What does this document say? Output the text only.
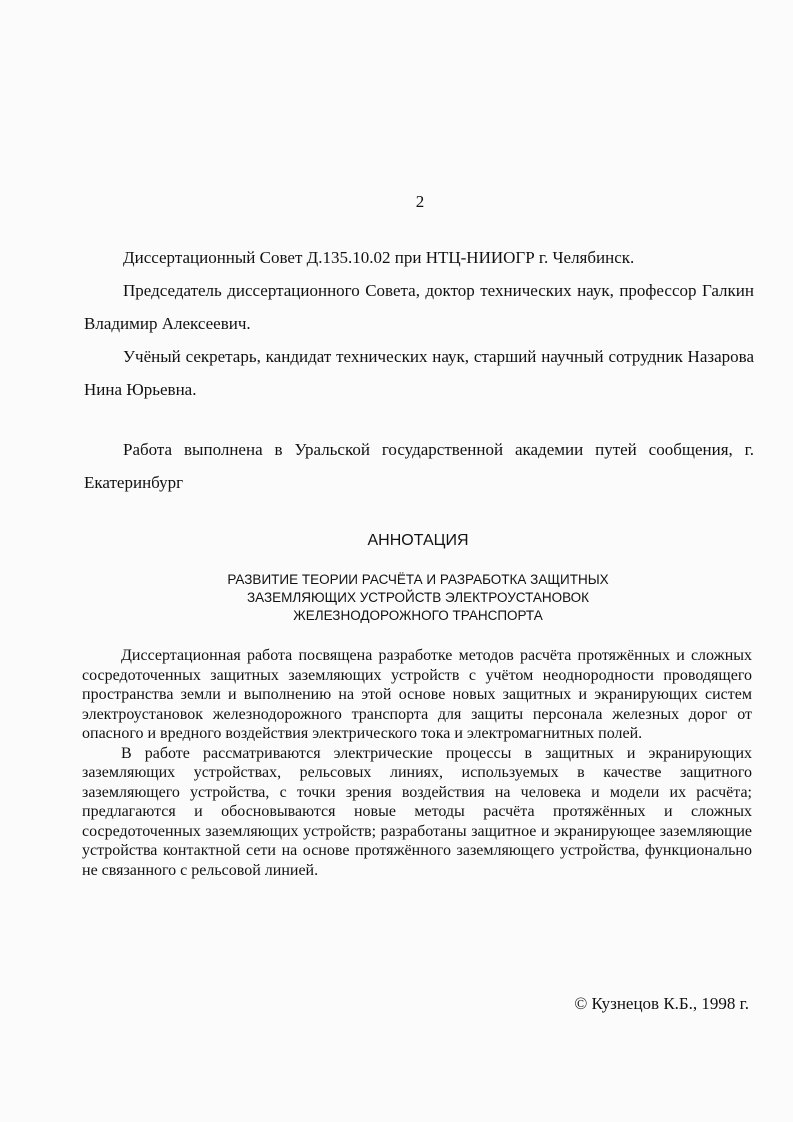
2

Диссертационный Совет Д.135.10.02 при НТЦ-НИИОГР г. Челябинск.

Председатель диссертационного Совета, доктор технических наук, профессор Галкин Владимир Алексеевич.

Учёный секретарь, кандидат технических наук, старший научный сотрудник Назарова Нина Юрьевна.

Работа выполнена в Уральской государственной академии путей сообщения, г. Екатеринбург

АННОТАЦИЯ
РАЗВИТИЕ ТЕОРИИ РАСЧЁТА И РАЗРАБОТКА ЗАЩИТНЫХ
ЗАЗЕМЛЯЮЩИХ УСТРОЙСТВ ЭЛЕКТРОУСТАНОВОК
ЖЕЛЕЗНОДОРОЖНОГО ТРАНСПОРТА

Диссертационная работа посвящена разработке методов расчёта протяжённых и сложных сосредоточенных защитных заземляющих устройств с учётом неоднородности проводящего пространства земли и выполнению на этой основе новых защитных и экранирующих систем электроустановок железнодорожного транспорта для защиты персонала железных дорог от опасного и вредного воздействия электрического тока и электромагнитных полей.

В работе рассматриваются электрические процессы в защитных и экранирующих заземляющих устройствах, рельсовых линиях, используемых в качестве защитного заземляющего устройства, с точки зрения воздействия на человека и модели их расчёта; предлагаются и обосновываются новые методы расчёта протяжённых и сложных сосредоточенных заземляющих устройств; разработаны защитное и экранирующее заземляющие устройства контактной сети на основе протяжённого заземляющего устройства, функционально не связанного с рельсовой линией.

© Кузнецов К.Б., 1998 г.
